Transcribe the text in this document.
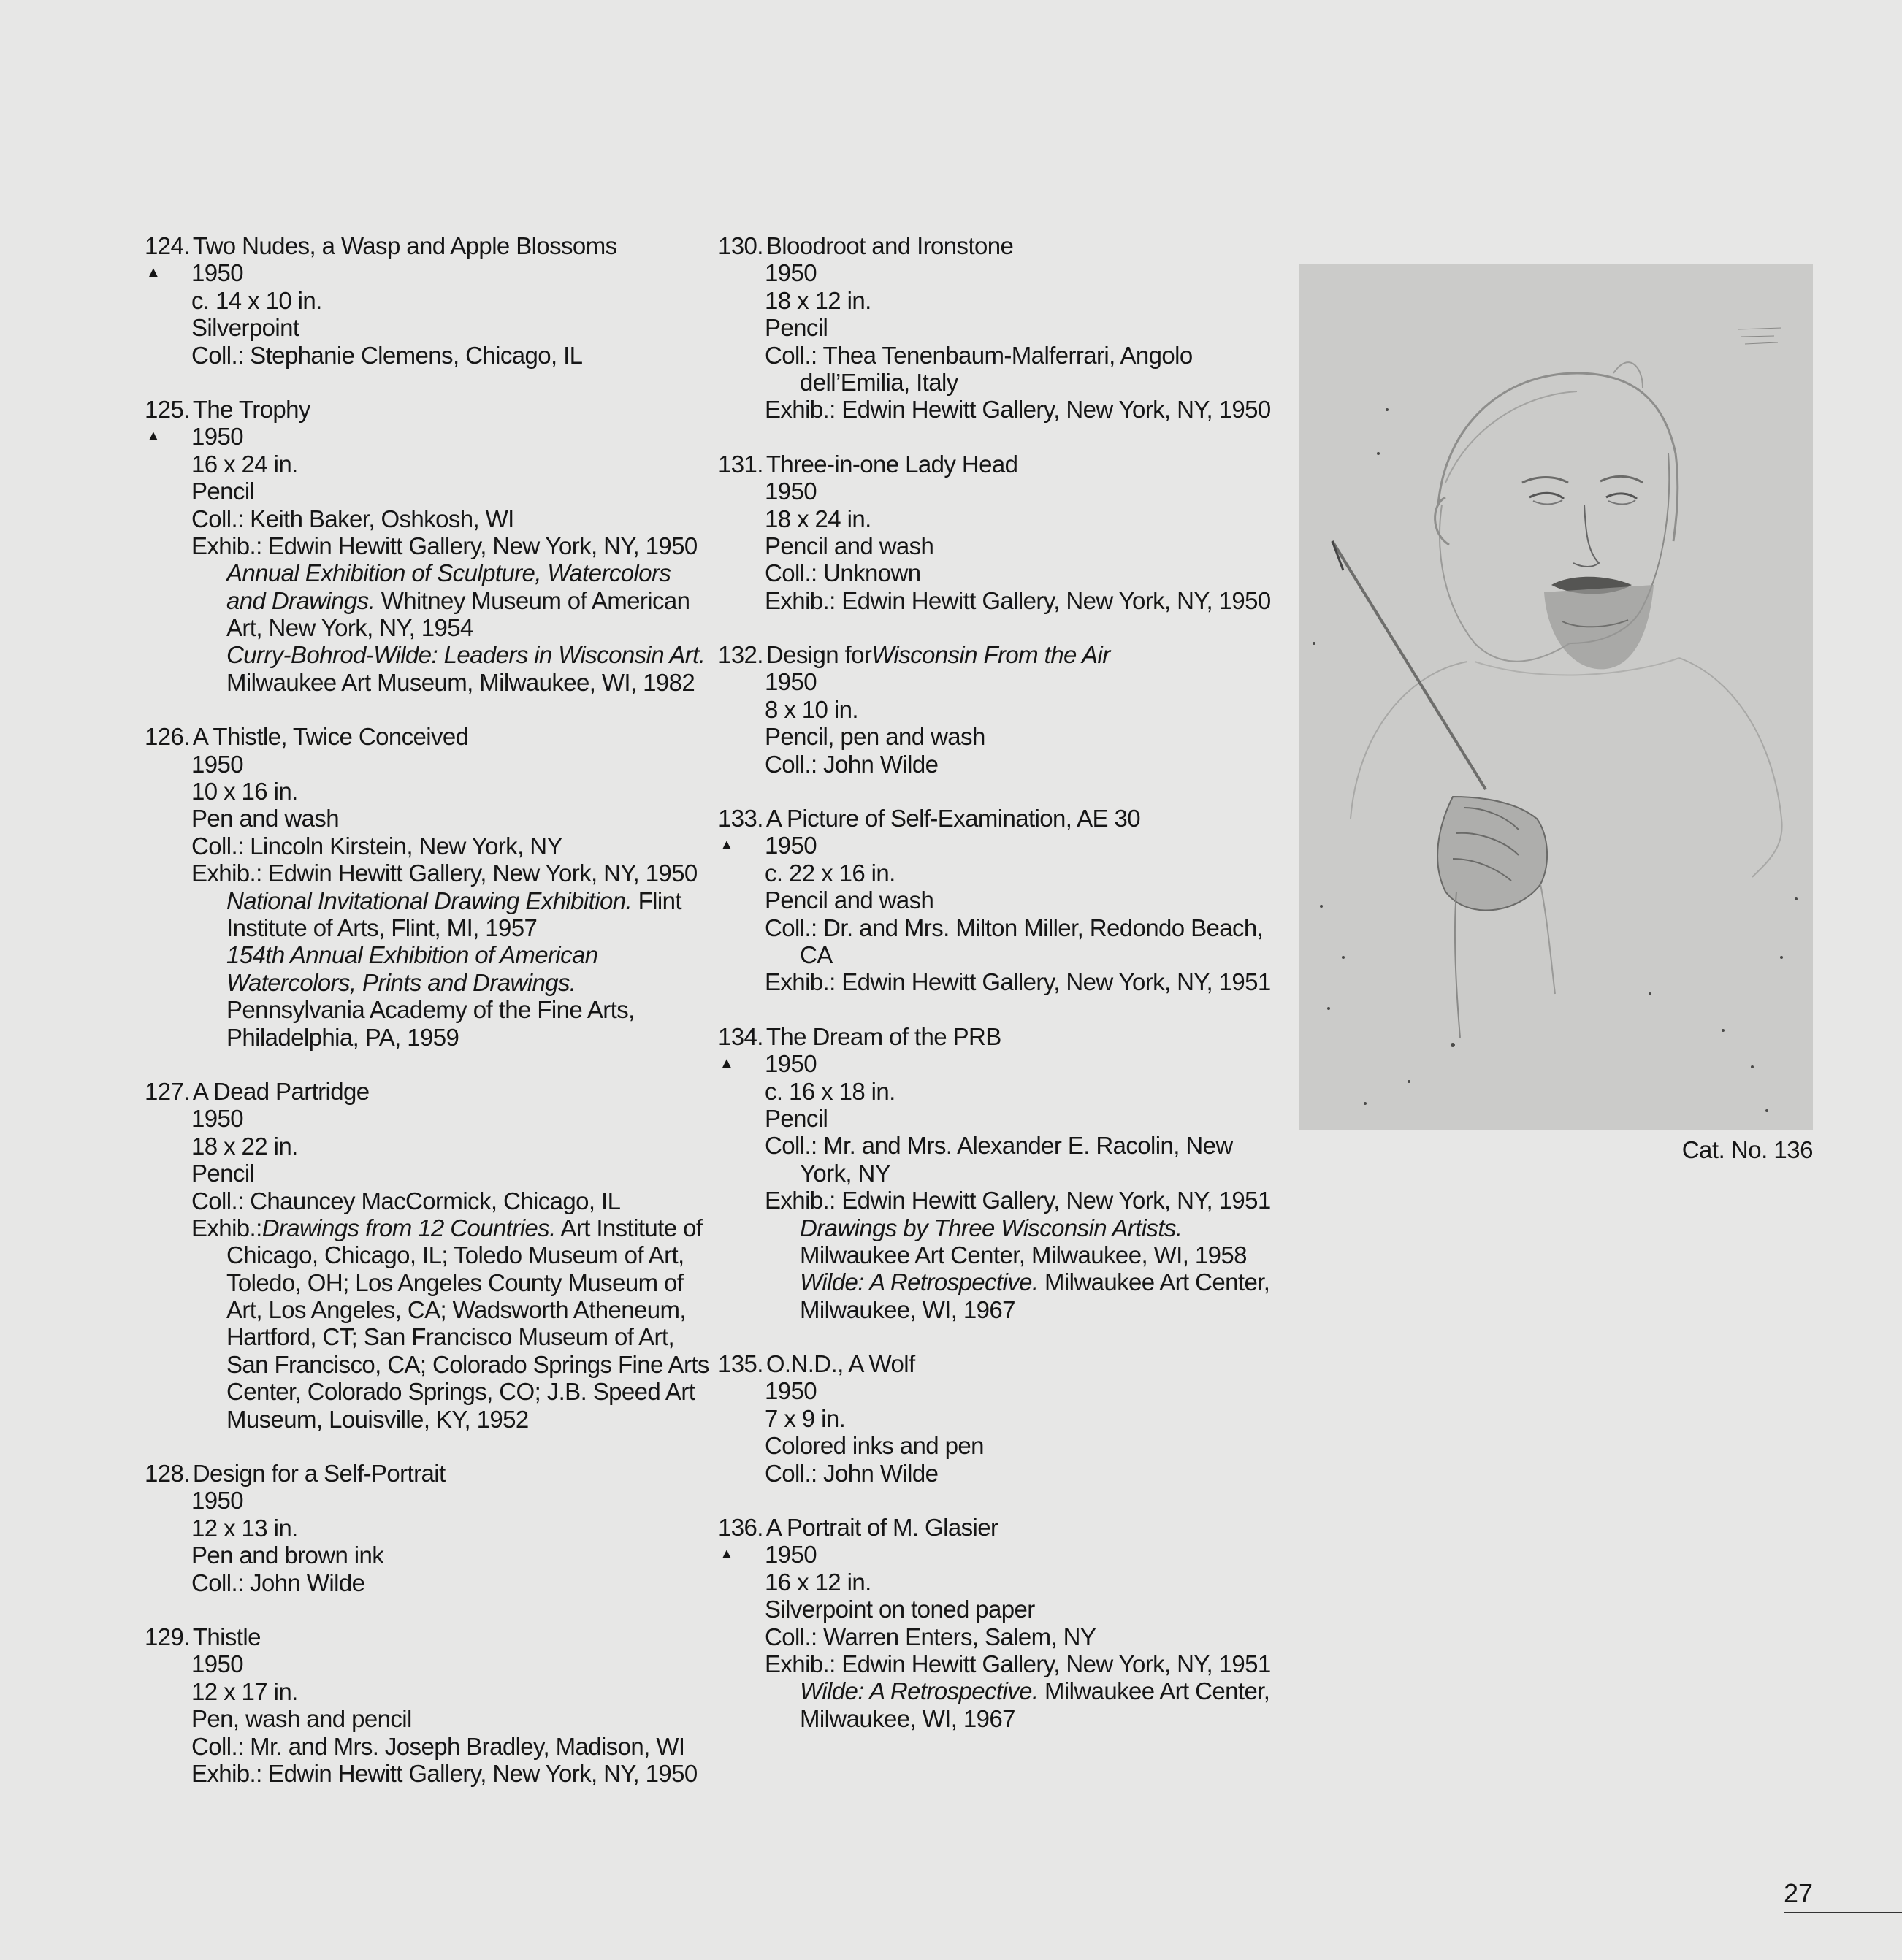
124. Two Nudes, a Wasp and Apple Blossoms
▲	1950
c. 14 x 10 in.
Silverpoint
Coll.: Stephanie Clemens, Chicago, IL
125. The Trophy
▲	1950
16 x 24 in.
Pencil
Coll.: Keith Baker, Oshkosh, WI
Exhib.: Edwin Hewitt Gallery, New York, NY, 1950
Annual Exhibition of Sculpture, Watercolors
and Drawings. Whitney Museum of American
Art, New York, NY, 1954
Curry-Bohrod-Wilde: Leaders in Wisconsin Art.
Milwaukee Art Museum, Milwaukee, WI, 1982
126. A Thistle, Twice Conceived
1950
10 x 16 in.
Pen and wash
Coll.: Lincoln Kirstein, New York, NY
Exhib.: Edwin Hewitt Gallery, New York, NY, 1950
National Invitational Drawing Exhibition. Flint
Institute of Arts, Flint, MI, 1957
154th Annual Exhibition of American
Watercolors, Prints and Drawings.
Pennsylvania Academy of the Fine Arts,
Philadelphia, PA, 1959
127. A Dead Partridge
1950
18 x 22 in.
Pencil
Coll.: Chauncey MacCormick, Chicago, IL
Exhib.: Drawings from 12 Countries. Art Institute of
Chicago, Chicago, IL; Toledo Museum of Art,
Toledo, OH; Los Angeles County Museum of
Art, Los Angeles, CA; Wadsworth Atheneum,
Hartford, CT; San Francisco Museum of Art,
San Francisco, CA; Colorado Springs Fine Arts
Center, Colorado Springs, CO; J.B. Speed Art
Museum, Louisville, KY, 1952
128. Design for a Self-Portrait
1950
12 x 13 in.
Pen and brown ink
Coll.: John Wilde
129. Thistle
1950
12 x 17 in.
Pen, wash and pencil
Coll.: Mr. and Mrs. Joseph Bradley, Madison, WI
Exhib.: Edwin Hewitt Gallery, New York, NY, 1950
130. Bloodroot and Ironstone
1950
18 x 12 in.
Pencil
Coll.: Thea Tenenbaum-Malferrari, Angolo
dell’Emilia, Italy
Exhib.: Edwin Hewitt Gallery, New York, NY, 1950
131. Three-in-one Lady Head
1950
18 x 24 in.
Pencil and wash
Coll.: Unknown
Exhib.: Edwin Hewitt Gallery, New York, NY, 1950
132. Design for Wisconsin From the Air
1950
8 x 10 in.
Pencil, pen and wash
Coll.: John Wilde
133. A Picture of Self-Examination, AE 30
▲	1950
c. 22 x 16 in.
Pencil and wash
Coll.: Dr. and Mrs. Milton Miller, Redondo Beach,
CA
Exhib.: Edwin Hewitt Gallery, New York, NY, 1951
134. The Dream of the PRB
▲	1950
c. 16 x 18 in.
Pencil
Coll.: Mr. and Mrs. Alexander E. Racolin, New
York, NY
Exhib.: Edwin Hewitt Gallery, New York, NY, 1951
Drawings by Three Wisconsin Artists.
Milwaukee Art Center, Milwaukee, WI, 1958
Wilde: A Retrospective. Milwaukee Art Center,
Milwaukee, WI, 1967
135. O.N.D., A Wolf
1950
7 x 9 in.
Colored inks and pen
Coll.: John Wilde
136. A Portrait of M. Glasier
▲	1950
16 x 12 in.
Silverpoint on toned paper
Coll.: Warren Enters, Salem, NY
Exhib.: Edwin Hewitt Gallery, New York, NY, 1951
Wilde: A Retrospective. Milwaukee Art Center,
Milwaukee, WI, 1967
Cat. No. 136
27
